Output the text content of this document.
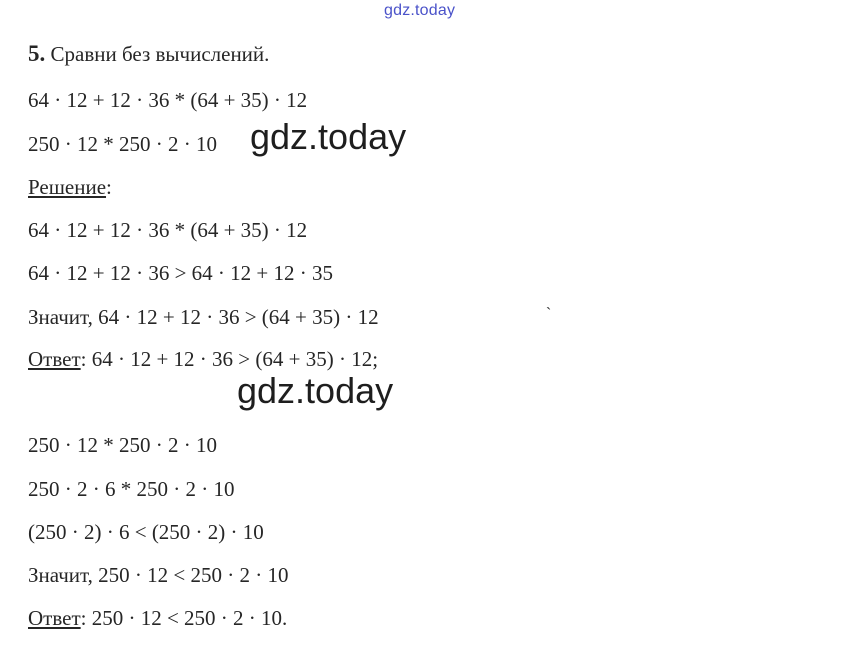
gdz.today
5. Сравни без вычислений.
64 · 12 + 12 · 36 * (64 + 35) · 12
250 · 12 * 250 · 2 · 10 gdz.today
Решение:
64 · 12 + 12 · 36 * (64 + 35) · 12
64 · 12 + 12 · 36 > 64 · 12 + 12 · 35
Значит, 64 · 12 + 12 · 36 > (64 + 35) · 12	`
Ответ: 64 · 12 + 12 · 36 > (64 + 35) · 12;
gdz.today
250 · 12 * 250 · 2 · 10
250 · 2 · 6 * 250 · 2 · 10
(250 · 2) · 6 < (250 · 2) · 10
Значит, 250 · 12 < 250 · 2 · 10
Ответ: 250 · 12 < 250 · 2 · 10.
